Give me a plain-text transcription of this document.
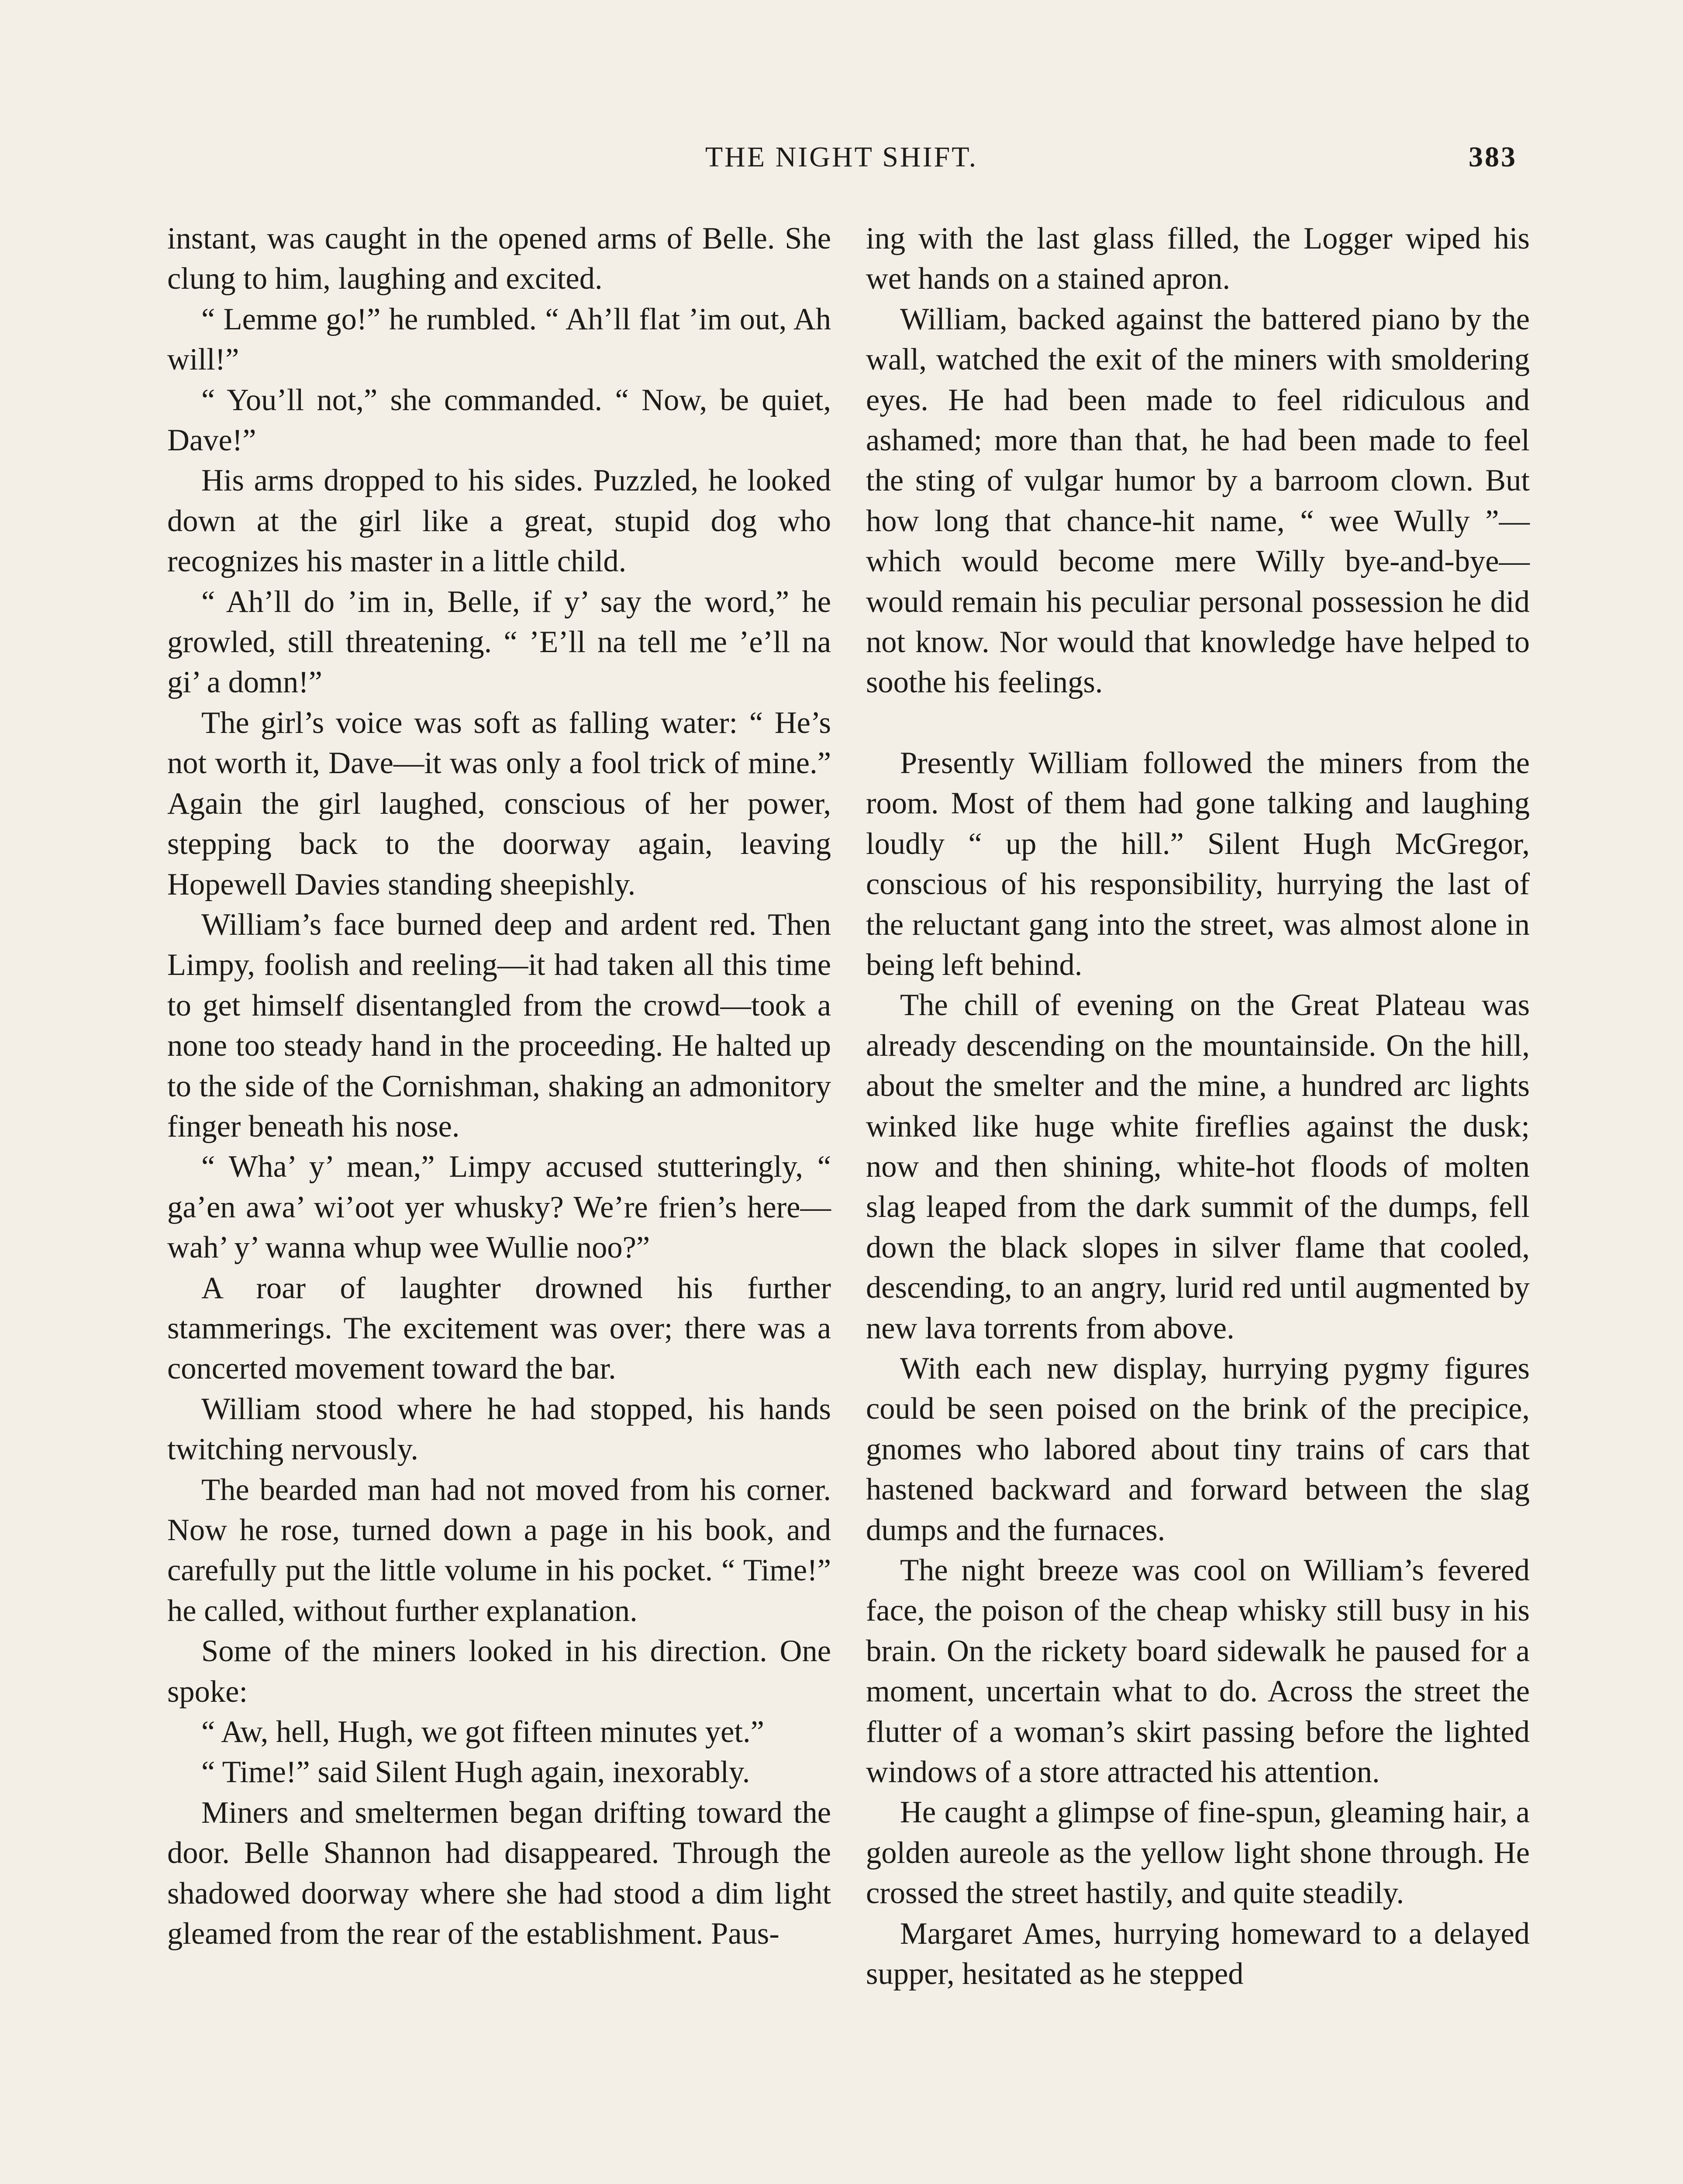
THE NIGHT SHIFT.	383

instant, was caught in the opened arms of Belle. She clung to him, laughing and excited.

“ Lemme go!” he rumbled. “ Ah’ll flat ’im out, Ah will!”

“ You’ll not,” she commanded. “ Now, be quiet, Dave!”

His arms dropped to his sides. Puzzled, he looked down at the girl like a great, stupid dog who recognizes his master in a little child.

“ Ah’ll do ’im in, Belle, if y’ say the word,” he growled, still threatening. “ ’E’ll na tell me ’e’ll na gi’ a domn!”

The girl’s voice was soft as falling water: “ He’s not worth it, Dave—it was only a fool trick of mine.” Again the girl laughed, conscious of her power, stepping back to the doorway again, leaving Hopewell Davies standing sheepishly.

William’s face burned deep and ardent red. Then Limpy, foolish and reeling—it had taken all this time to get himself disentangled from the crowd—took a none too steady hand in the proceeding. He halted up to the side of the Cornishman, shaking an admonitory finger beneath his nose.

“ Wha’ y’ mean,” Limpy accused stutteringly, “ ga’en awa’ wi’oot yer whusky? We’re frien’s here—wah’ y’ wanna whup wee Wullie noo?”

A roar of laughter drowned his further stammerings. The excitement was over; there was a concerted movement toward the bar.

William stood where he had stopped, his hands twitching nervously.

The bearded man had not moved from his corner. Now he rose, turned down a page in his book, and carefully put the little volume in his pocket. “ Time!” he called, without further explanation.

Some of the miners looked in his direction. One spoke:

“ Aw, hell, Hugh, we got fifteen minutes yet.”

“ Time!” said Silent Hugh again, inexorably.

Miners and smeltermen began drifting toward the door. Belle Shannon had disappeared. Through the shadowed doorway where she had stood a dim light gleamed from the rear of the establishment. Paus-

ing with the last glass filled, the Logger wiped his wet hands on a stained apron.

William, backed against the battered piano by the wall, watched the exit of the miners with smoldering eyes. He had been made to feel ridiculous and ashamed; more than that, he had been made to feel the sting of vulgar humor by a barroom clown. But how long that chance-hit name, “ wee Wully ”—which would become mere Willy bye-and-bye—would remain his peculiar personal possession he did not know. Nor would that knowledge have helped to soothe his feelings.

Presently William followed the miners from the room. Most of them had gone talking and laughing loudly “ up the hill.” Silent Hugh McGregor, conscious of his responsibility, hurrying the last of the reluctant gang into the street, was almost alone in being left behind.

The chill of evening on the Great Plateau was already descending on the mountainside. On the hill, about the smelter and the mine, a hundred arc lights winked like huge white fireflies against the dusk; now and then shining, white-hot floods of molten slag leaped from the dark summit of the dumps, fell down the black slopes in silver flame that cooled, descending, to an angry, lurid red until augmented by new lava torrents from above.

With each new display, hurrying pygmy figures could be seen poised on the brink of the precipice, gnomes who labored about tiny trains of cars that hastened backward and forward between the slag dumps and the furnaces.

The night breeze was cool on William’s fevered face, the poison of the cheap whisky still busy in his brain. On the rickety board sidewalk he paused for a moment, uncertain what to do. Across the street the flutter of a woman’s skirt passing before the lighted windows of a store attracted his attention.

He caught a glimpse of fine-spun, gleaming hair, a golden aureole as the yellow light shone through. He crossed the street hastily, and quite steadily.

Margaret Ames, hurrying homeward to a delayed supper, hesitated as he stepped
